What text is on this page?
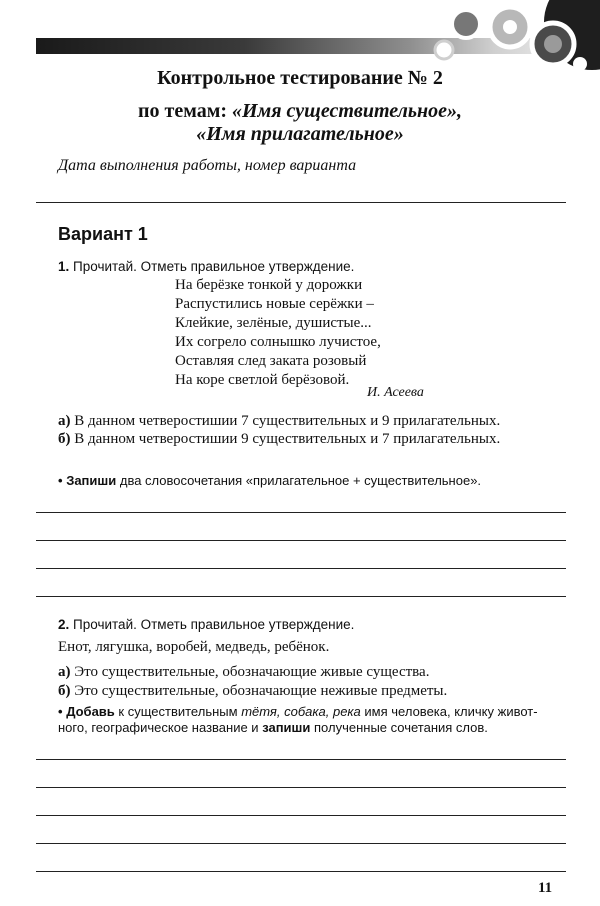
Контрольное тестирование № 2
по темам: «Имя существительное»,
«Имя прилагательное»
Дата выполнения работы, номер варианта
Вариант 1
1. Прочитай. Отметь правильное утверждение.
На берёзке тонкой у дорожки
Распустились новые серёжки –
Клейкие, зелёные, душистые...
Их согрело солнышко лучистое,
Оставляя след заката розовый
На коре светлой берёзовой.
И. Асеева
а) В данном четверостишии 7 существительных и 9 прилагательных.
б) В данном четверостишии 9 существительных и 7 прилагательных.
• Запиши два словосочетания «прилагательное + существительное».
2. Прочитай. Отметь правильное утверждение.
Енот, лягушка, воробей, медведь, ребёнок.
а) Это существительные, обозначающие живые существа.
б) Это существительные, обозначающие неживые предметы.
• Добавь к существительным тётя, собака, река имя человека, кличку живот-ного, географическое название и запиши полученные сочетания слов.
11
